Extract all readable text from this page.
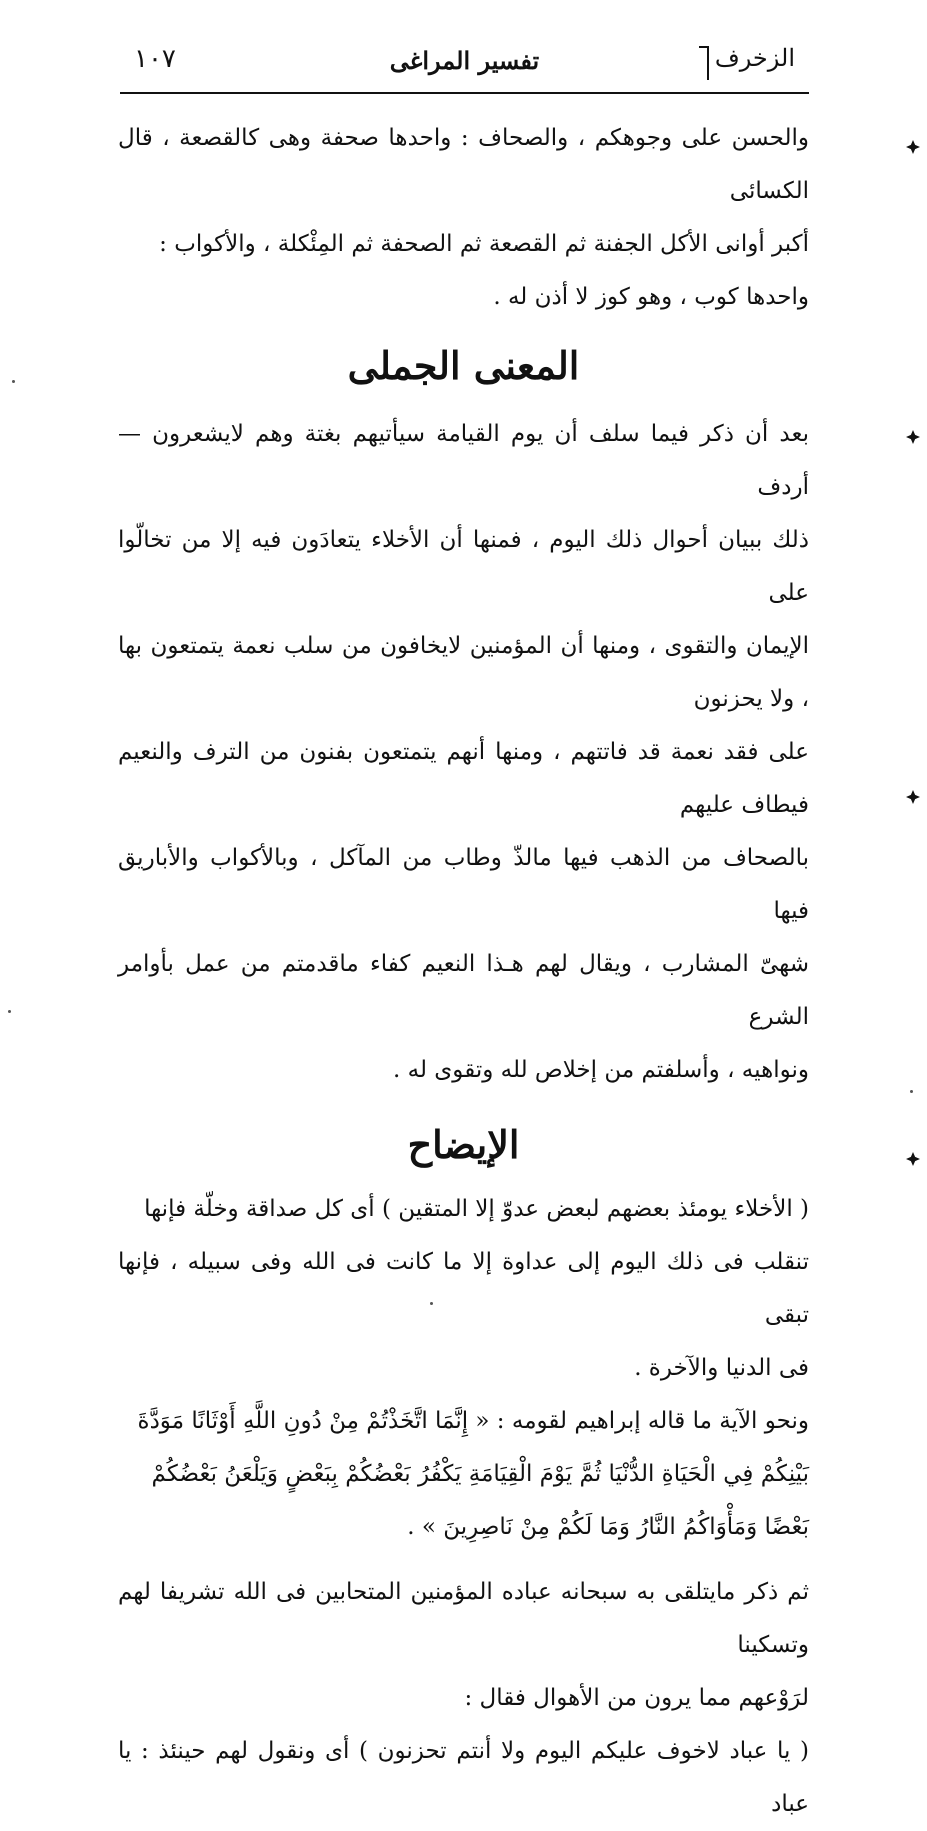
الزخرف
تفسير المراغى
١٠٧

والحسن على وجوهكم ، والصحاف : واحدها صحفة وهى كالقصعة ، قال الكسائى

أكبر أوانى الأكل الجفنة ثم القصعة ثم الصحفة ثم المِئْكلة ، والأكواب :

واحدها كوب ، وهو كوز لا أذن له .

المعنى الجملى

بعد أن ذكر فيما سلف أن يوم القيامة سيأتيهم بغتة وهم لايشعرون — أردف

ذلك ببيان أحوال ذلك اليوم ، فمنها أن الأخلاء يتعادَون فيه إلا من تخالّوا على

الإيمان والتقوى ، ومنها أن المؤمنين لايخافون من سلب نعمة يتمتعون بها ، ولا يحزنون

على فقد نعمة قد فاتتهم ، ومنها أنهم يتمتعون بفنون من الترف والنعيم فيطاف عليهم

بالصحاف من الذهب فيها مالذّ وطاب من المآكل ، وبالأكواب والأباريق فيها

شهىّ المشارب ، ويقال لهم هـذا النعيم كفاء ماقدمتم من عمل بأوامر الشرع

ونواهيه ، وأسلفتم من إخلاص لله وتقوى له .

الإيضاح

( الأخلاء يومئذ بعضهم لبعض عدوّ إلا المتقين ) أى كل صداقة وخلّة فإنها

تنقلب فى ذلك اليوم إلى عداوة إلا ما كانت فى الله وفى سبيله ، فإنها تبقى

فى الدنيا والآخرة .

ونحو الآية ما قاله إبراهيم لقومه : « إِنَّمَا اتَّخَذْتُمْ مِنْ دُونِ اللَّهِ أَوْثَانًا مَوَدَّةَ

بَيْنِكُمْ فِي الْحَيَاةِ الدُّنْيَا ثُمَّ يَوْمَ الْقِيَامَةِ يَكْفُرُ بَعْضُكُمْ بِبَعْضٍ وَيَلْعَنُ بَعْضُكُمْ

بَعْضًا وَمَأْوَاكُمُ النَّارُ وَمَا لَكُمْ مِنْ نَاصِرِينَ » .

ثم ذكر مايتلقى به سبحانه عباده المؤمنين المتحابين فى الله تشريفا لهم وتسكينا

لرَوْعهم مما يرون من الأهوال فقال :

( يا عباد لاخوف عليكم اليوم ولا أنتم تحزنون ) أى ونقول لهم حينئذ : يا عباد
